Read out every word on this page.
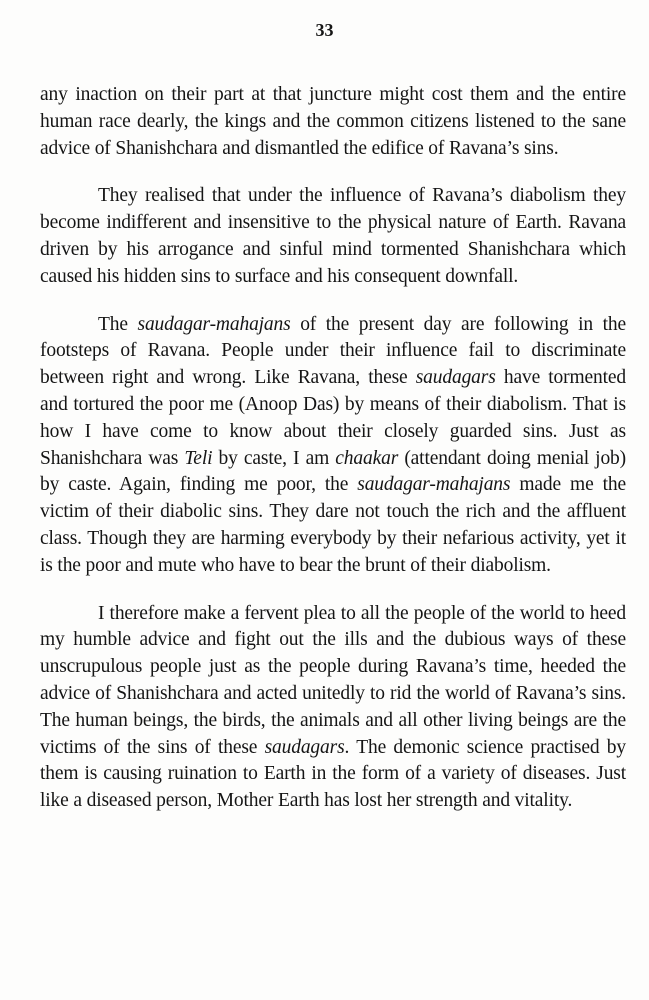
33

any inaction on their part at that juncture might cost them and the entire human race dearly, the kings and the common citizens listened to the sane advice of Shanishchara and dismantled the edifice of Ravana’s sins.

They realised that under the influence of Ravana’s diabolism they become indifferent and insensitive to the physical nature of Earth. Ravana driven by his arrogance and sinful mind tormented Shanishchara which caused his hidden sins to surface and his consequent downfall.

The saudagar-mahajans of the present day are following in the footsteps of Ravana. People under their influence fail to discriminate between right and wrong. Like Ravana, these saudagars have tormented and tortured the poor me (Anoop Das) by means of their diabolism. That is how I have come to know about their closely guarded sins. Just as Shanishchara was Teli by caste, I am chaakar (attendant doing menial job) by caste. Again, finding me poor, the saudagar-mahajans made me the victim of their diabolic sins. They dare not touch the rich and the affluent class. Though they are harming everybody by their nefarious activity, yet it is the poor and mute who have to bear the brunt of their diabolism.

I therefore make a fervent plea to all the people of the world to heed my humble advice and fight out the ills and the dubious ways of these unscrupulous people just as the people during Ravana’s time, heeded the advice of Shanishchara and acted unitedly to rid the world of Ravana’s sins. The human beings, the birds, the animals and all other living beings are the victims of the sins of these saudagars. The demonic science practised by them is causing ruination to Earth in the form of a variety of diseases. Just like a diseased person, Mother Earth has lost her strength and vitality.
